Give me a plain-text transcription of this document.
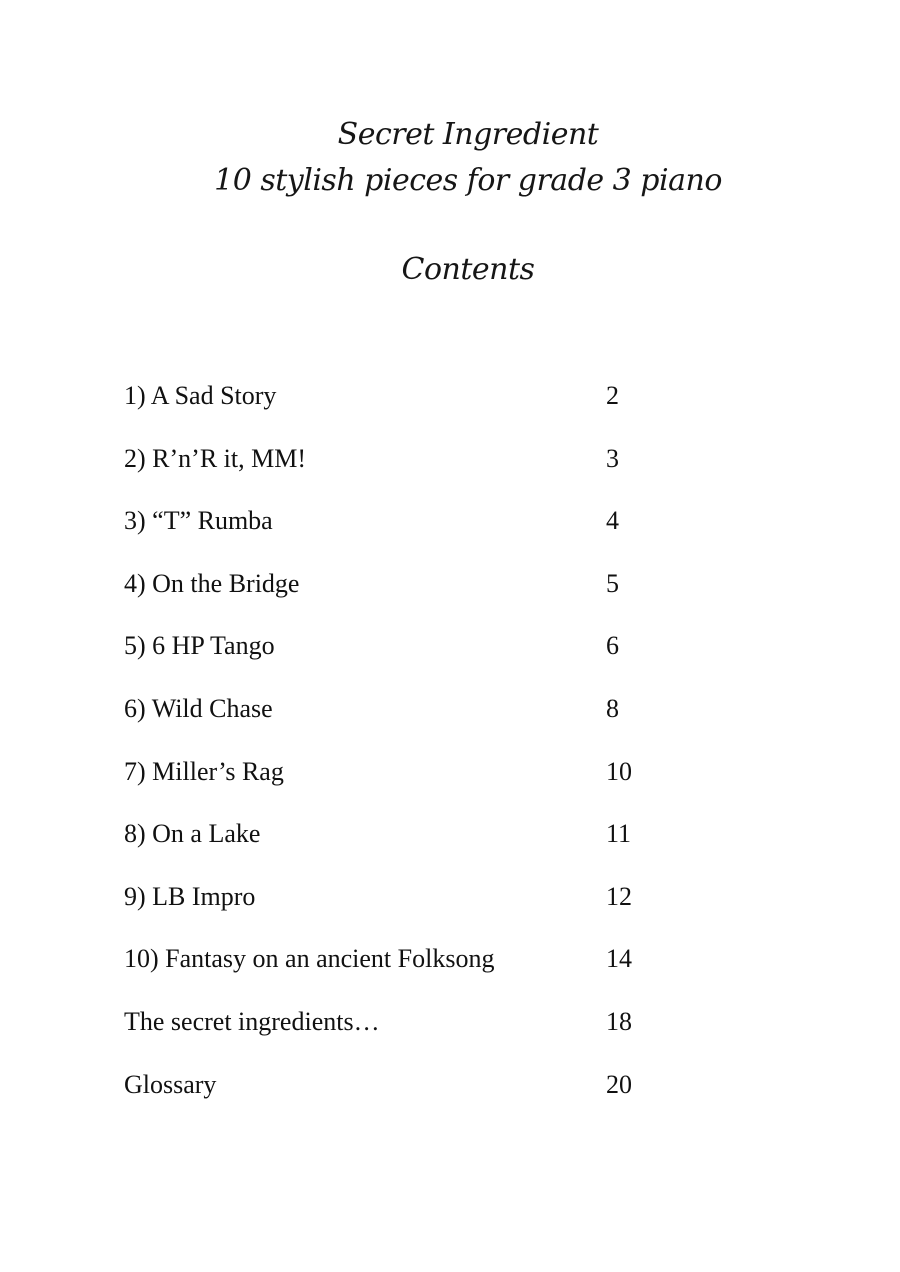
Secret Ingredient
10 stylish pieces for grade 3 piano
Contents
1) A Sad Story	2
2) R’n’R it, MM!	3
3) “T” Rumba	4
4) On the Bridge	5
5) 6 HP Tango	6
6) Wild Chase	8
7) Miller’s Rag	10
8) On a Lake	11
9) LB Impro	12
10) Fantasy on an ancient Folksong	14
The secret ingredients…	18
Glossary	20
